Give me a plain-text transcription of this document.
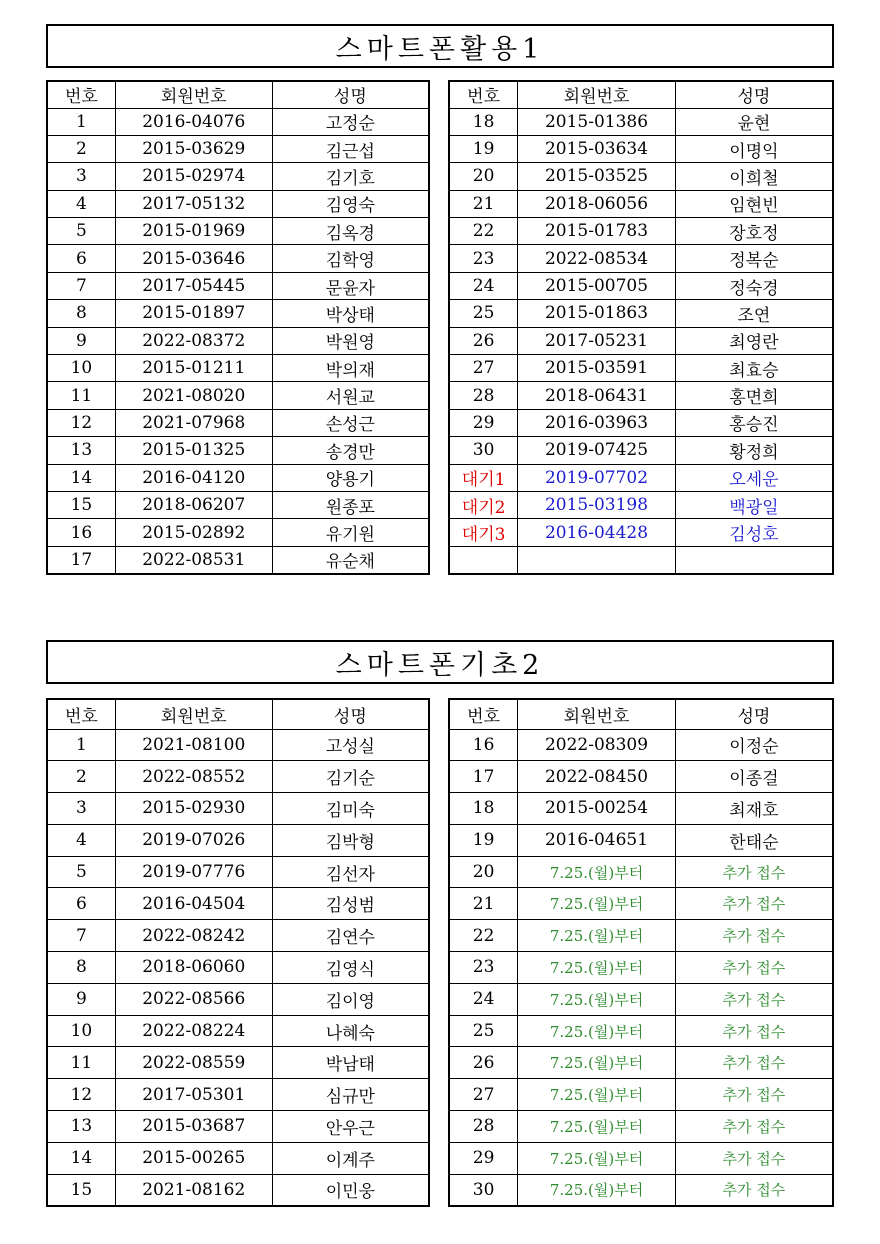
스마트폰활용1
번호	회원번호	성명
1	2016-04076	고정순
2	2015-03629	김근섭
3	2015-02974	김기호
4	2017-05132	김영숙
5	2015-01969	김옥경
6	2015-03646	김학영
7	2017-05445	문윤자
8	2015-01897	박상태
9	2022-08372	박원영
10	2015-01211	박의재
11	2021-08020	서원교
12	2021-07968	손성근
13	2015-01325	송경만
14	2016-04120	양용기
15	2018-06207	원종포
16	2015-02892	유기원
17	2022-08531	유순채
번호	회원번호	성명
18	2015-01386	윤현
19	2015-03634	이명익
20	2015-03525	이희철
21	2018-06056	임현빈
22	2015-01783	장호정
23	2022-08534	정복순
24	2015-00705	정숙경
25	2015-01863	조연
26	2017-05231	최영란
27	2015-03591	최효승
28	2018-06431	홍면희
29	2016-03963	홍승진
30	2019-07425	황정희
대기1	2019-07702	오세운
대기2	2015-03198	백광일
대기3	2016-04428	김성호

스마트폰기초2
번호	회원번호	성명
1	2021-08100	고성실
2	2022-08552	김기순
3	2015-02930	김미숙
4	2019-07026	김박형
5	2019-07776	김선자
6	2016-04504	김성범
7	2022-08242	김연수
8	2018-06060	김영식
9	2022-08566	김이영
10	2022-08224	나혜숙
11	2022-08559	박남태
12	2017-05301	심규만
13	2015-03687	안우근
14	2015-00265	이계주
15	2021-08162	이민웅
번호	회원번호	성명
16	2022-08309	이정순
17	2022-08450	이종걸
18	2015-00254	최재호
19	2016-04651	한태순
20	7.25.(월)부터	추가 접수
21	7.25.(월)부터	추가 접수
22	7.25.(월)부터	추가 접수
23	7.25.(월)부터	추가 접수
24	7.25.(월)부터	추가 접수
25	7.25.(월)부터	추가 접수
26	7.25.(월)부터	추가 접수
27	7.25.(월)부터	추가 접수
28	7.25.(월)부터	추가 접수
29	7.25.(월)부터	추가 접수
30	7.25.(월)부터	추가 접수
